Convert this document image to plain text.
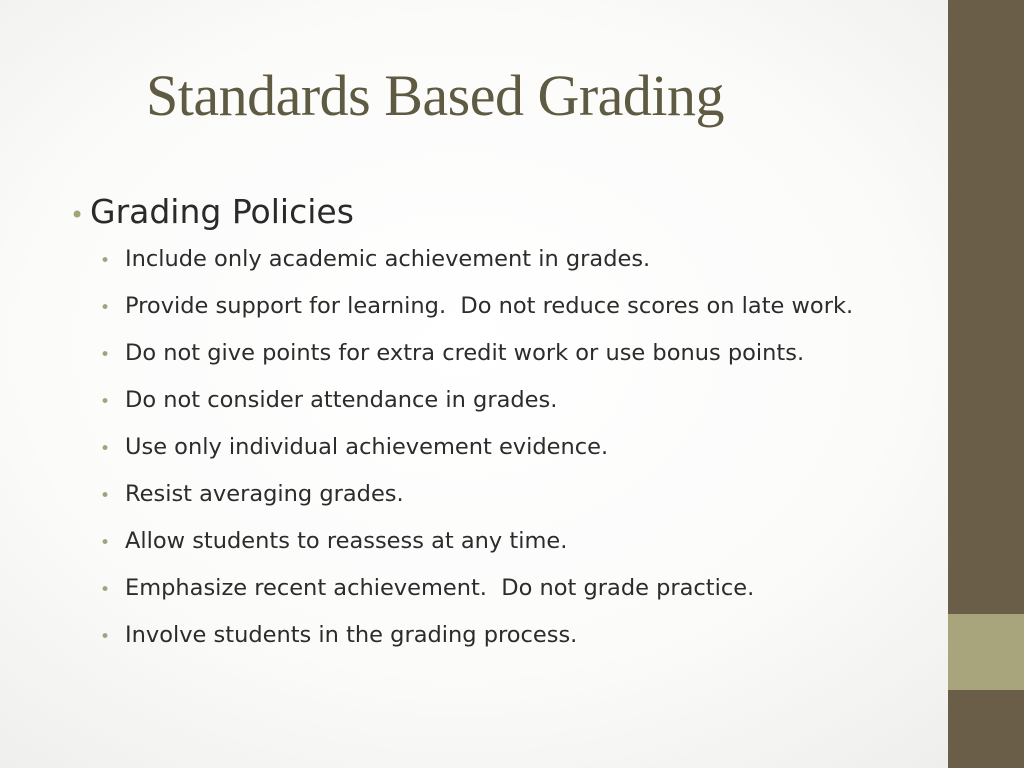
Standards Based Grading
• Grading Policies
• Include only academic achievement in grades.
• Provide support for learning.  Do not reduce scores on late work.
• Do not give points for extra credit work or use bonus points.
• Do not consider attendance in grades.
• Use only individual achievement evidence.
• Resist averaging grades.
• Allow students to reassess at any time.
• Emphasize recent achievement.  Do not grade practice.
• Involve students in the grading process.
